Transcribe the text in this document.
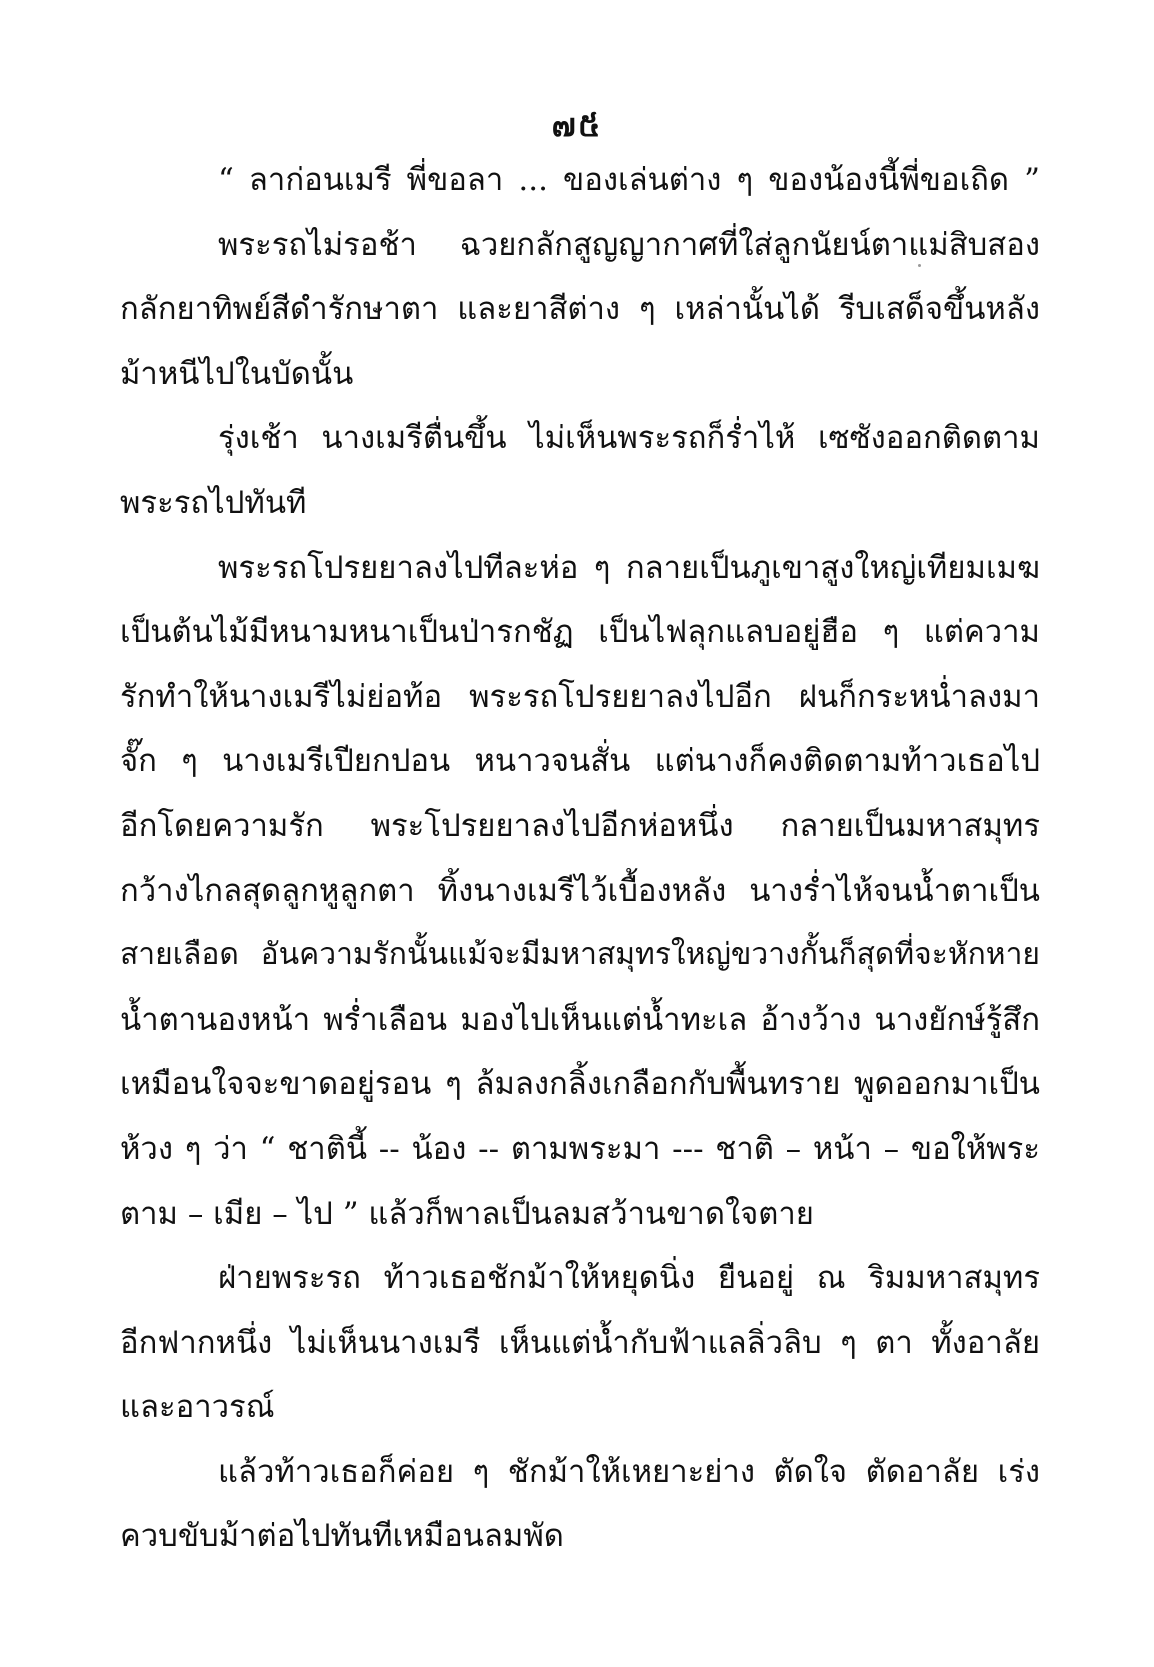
๗៥
“ ลาก่อนเมรี พี่ขอลา ... ของเล่นต่าง ๆ ของน้องนี้พี่ขอเถิด ”
พระรถไม่รอช้า ฉวยกลักสูญญากาศที่ใส่ลูกนัยน์ตาแม่สิบสอง
กลักยาทิพย์สีดำรักษาตา และยาสีต่าง ๆ เหล่านั้นได้ รีบเสด็จขึ้นหลัง
ม้าหนีไปในบัดนั้น
รุ่งเช้า นางเมรีตื่นขึ้น ไม่เห็นพระรถก็ร่ำไห้ เซซังออกติดตาม
พระรถไปทันที
พระรถโปรยยาลงไปทีละห่อ ๆ กลายเป็นภูเขาสูงใหญ่เทียมเมฆ
เป็นต้นไม้มีหนามหนาเป็นป่ารกชัฏ เป็นไฟลุกแลบอยู่ฮือ ๆ แต่ความ
รักทำให้นางเมรีไม่ย่อท้อ พระรถโปรยยาลงไปอีก ฝนก็กระหน่ำลงมา
จั๊ก ๆ นางเมรีเปียกปอน หนาวจนสั่น แต่นางก็คงติดตามท้าวเธอไป
อีกโดยความรัก พระโปรยยาลงไปอีกห่อหนึ่ง กลายเป็นมหาสมุทร
กว้างไกลสุดลูกหูลูกตา ทิ้งนางเมรีไว้เบื้องหลัง นางร่ำไห้จนน้ำตาเป็น
สายเลือด อันความรักนั้นแม้จะมีมหาสมุทรใหญ่ขวางกั้นก็สุดที่จะหักหาย
น้ำตานองหน้า พร่ำเลือน มองไปเห็นแต่น้ำทะเล อ้างว้าง นางยักษ์รู้สึก
เหมือนใจจะขาดอยู่รอน ๆ ล้มลงกลิ้งเกลือกกับพื้นทราย พูดออกมาเป็น
ห้วง ๆ ว่า “ ชาตินี้ -- น้อง -- ตามพระมา --- ชาติ – หน้า – ขอให้พระ
ตาม – เมีย – ไป ” แล้วก็พาลเป็นลมสว้านขาดใจตาย
ฝ่ายพระรถ ท้าวเธอชักม้าให้หยุดนิ่ง ยืนอยู่ ณ ริมมหาสมุทร
อีกฟากหนึ่ง ไม่เห็นนางเมรี เห็นแต่น้ำกับฟ้าแลลิ่วลิบ ๆ ตา ทั้งอาลัย
และอาวรณ์
แล้วท้าวเธอก็ค่อย ๆ ชักม้าให้เหยาะย่าง ตัดใจ ตัดอาลัย เร่ง
ควบขับม้าต่อไปทันทีเหมือนลมพัด
